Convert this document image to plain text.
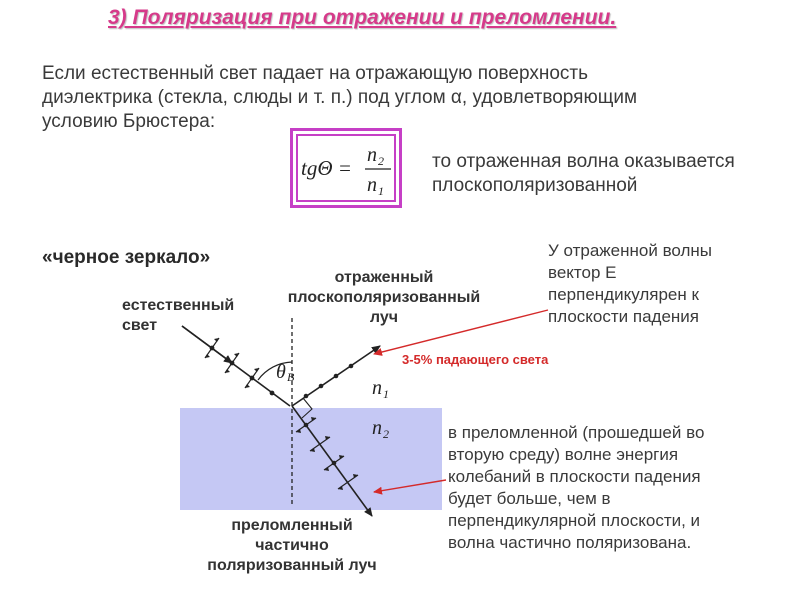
3) Поляризация при отражении и преломлении.
Если естественный свет падает на отражающую поверхность
диэлектрика (стекла, слюды и т. п.) под углом α, удовлетворяющим
условию Брюстера:
tgΘ =
n 2
n 1
то отраженная волна оказывается
плоскополяризованной
«черное зеркало»
θ B	n 1
n 2
естественный
свет
отраженный
плоскополяризованный
луч
преломленный
частично
поляризованный луч
3-5% падающего света
У отраженной волны
вектор Е
перпендикулярен к
плоскости падения
в преломленной (прошедшей во
вторую среду) волне энергия
колебаний в плоскости падения
будет больше, чем в
перпендикулярной плоскости, и
волна частично поляризована.
